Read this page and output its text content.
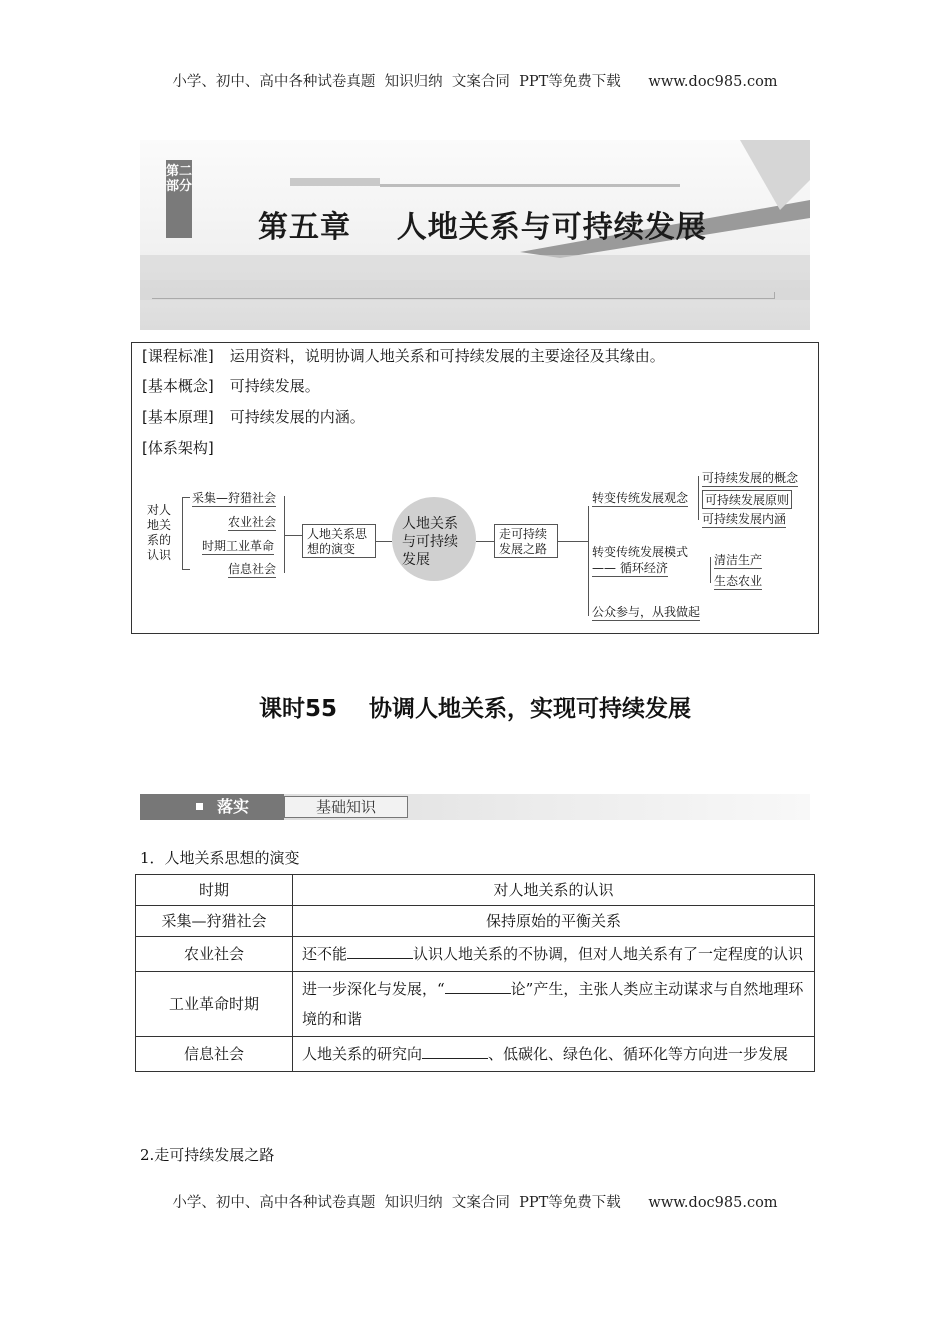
小学、初中、高中各种试卷真题  知识归纳  文案合同  PPT等免费下载      www.doc985.com
第二部分
第五章    人地关系与可持续发展
[课程标准] 运用资料，说明协调人地关系和可持续发展的主要途径及其缘由。
[基本概念] 可持续发展。
[基本原理] 可持续发展的内涵。
[体系架构]
对人地关系的认识
采集—狩猎社会
农业社会
时期工业革命
信息社会
人地关系思想的演变
人地关系与可持续发展
走可持续发展之路
转变传统发展观念
可持续发展的概念
可持续发展原则
可持续发展内涵
转变传统发展模式
—— 循环经济
清洁生产
生态农业
公众参与，从我做起
课时55    协调人地关系，实现可持续发展
落实	基础知识
1．人地关系思想的演变
时期	对人地关系的认识
采集—狩猎社会	保持原始的平衡关系
农业社会	还不能 认识人地关系的不协调，但对人地关系有了一定程度的认识
工业革命时期	进一步深化与发展，“ 论”产生，主张人类应主动谋求与自然地理环境的和谐
信息社会	人地关系的研究向 、低碳化、绿色化、循环化等方向进一步发展
2.走可持续发展之路
小学、初中、高中各种试卷真题  知识归纳  文案合同  PPT等免费下载      www.doc985.com
